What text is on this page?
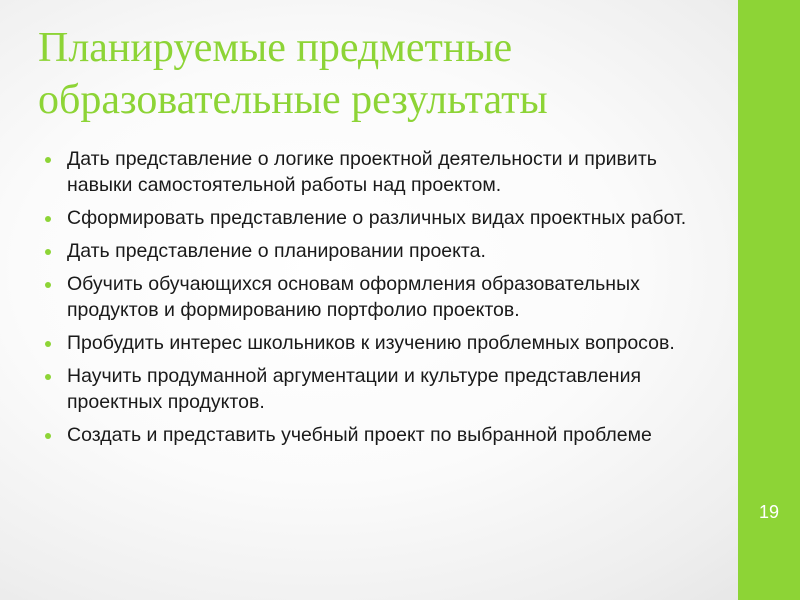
19
Планируемые предметные образовательные результаты
Дать представление о логике проектной деятельности и привить навыки самостоятельной работы над проектом.
Сформировать представление о различных видах проектных работ.
Дать представление о планировании проекта.
Обучить обучающихся основам оформления образовательных продуктов и формированию портфолио проектов.
Пробудить интерес школьников к изучению проблемных вопросов.
Научить продуманной аргументации и культуре представления проектных продуктов.
Создать и представить учебный проект по выбранной проблеме
